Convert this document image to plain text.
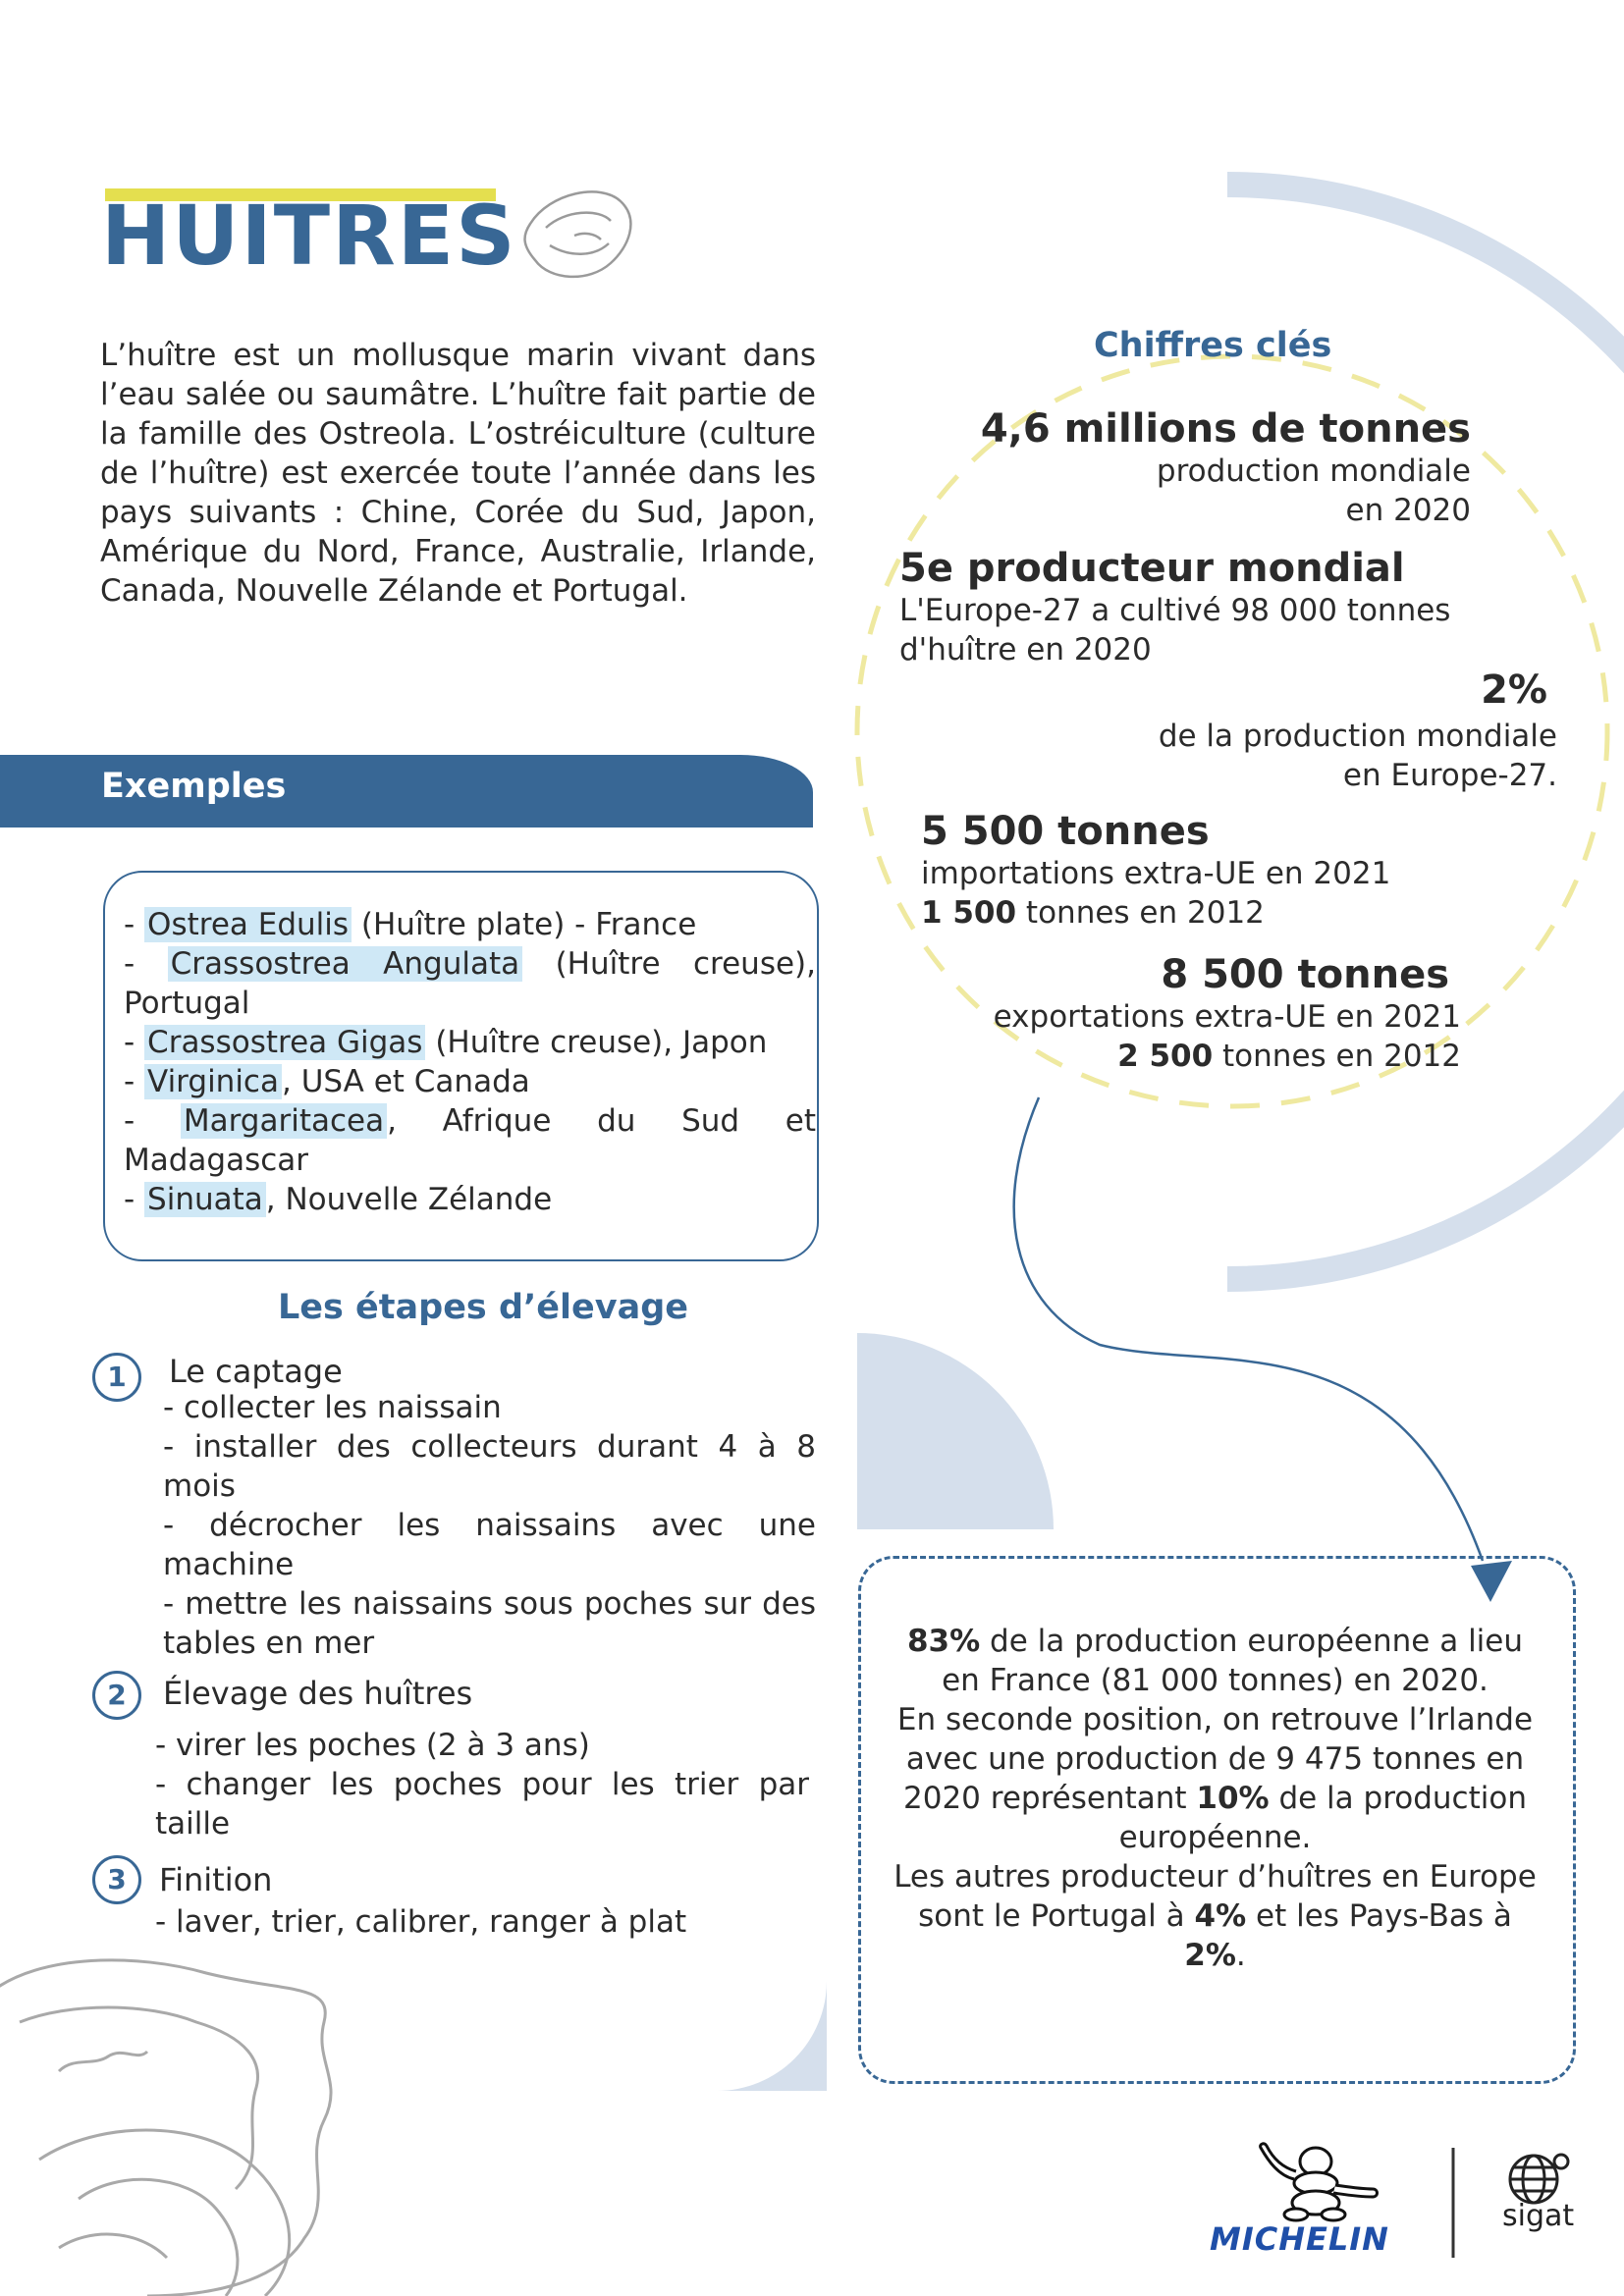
HUITRES
L’huître est un mollusque marin vivant dans l’eau salée ou saumâtre. L’huître fait partie de la famille des Ostreola. L’ostréiculture (culture de l’huître) est exercée toute l’année dans les pays suivants : Chine, Corée du Sud, Japon, Amérique du Nord, France, Australie, Irlande, Canada, Nouvelle Zélande et Portugal.
Exemples
- Ostrea Edulis (Huître plate) - France
- Crassostrea Angulata (Huître creuse), Portugal
- Crassostrea Gigas (Huître creuse), Japon
- Virginica, USA et Canada
- Margaritacea, Afrique du Sud et Madagascar
- Sinuata, Nouvelle Zélande
Les étapes d’élevage
1	Le captage
- collecter les naissain
- installer des collecteurs durant 4 à 8 mois
- décrocher les naissains avec une machine
- mettre les naissains sous poches sur des tables en mer
2	Élevage des huîtres
- virer les poches (2 à 3 ans)
- changer les poches pour les trier par taille
3	Finition
- laver, trier, calibrer, ranger à plat
Chiffres clés
4,6 millions de tonnes
production mondiale
en 2020
5e producteur mondial
L'Europe-27 a cultivé 98 000 tonnes
d'huître en 2020
2%
de la production mondiale
en Europe-27.
5 500 tonnes
importations extra-UE en 2021
1 500 tonnes en 2012
8 500 tonnes
exportations extra-UE en 2021
2 500 tonnes en 2012
83% de la production européenne a lieu en France (81 000 tonnes) en 2020.
En seconde position, on retrouve l’Irlande avec une production de 9 475 tonnes en 2020 représentant 10% de la production européenne.
Les autres producteur d’huîtres en Europe sont le Portugal à 4% et les Pays-Bas à 2%.
MICHELIN
sigat
